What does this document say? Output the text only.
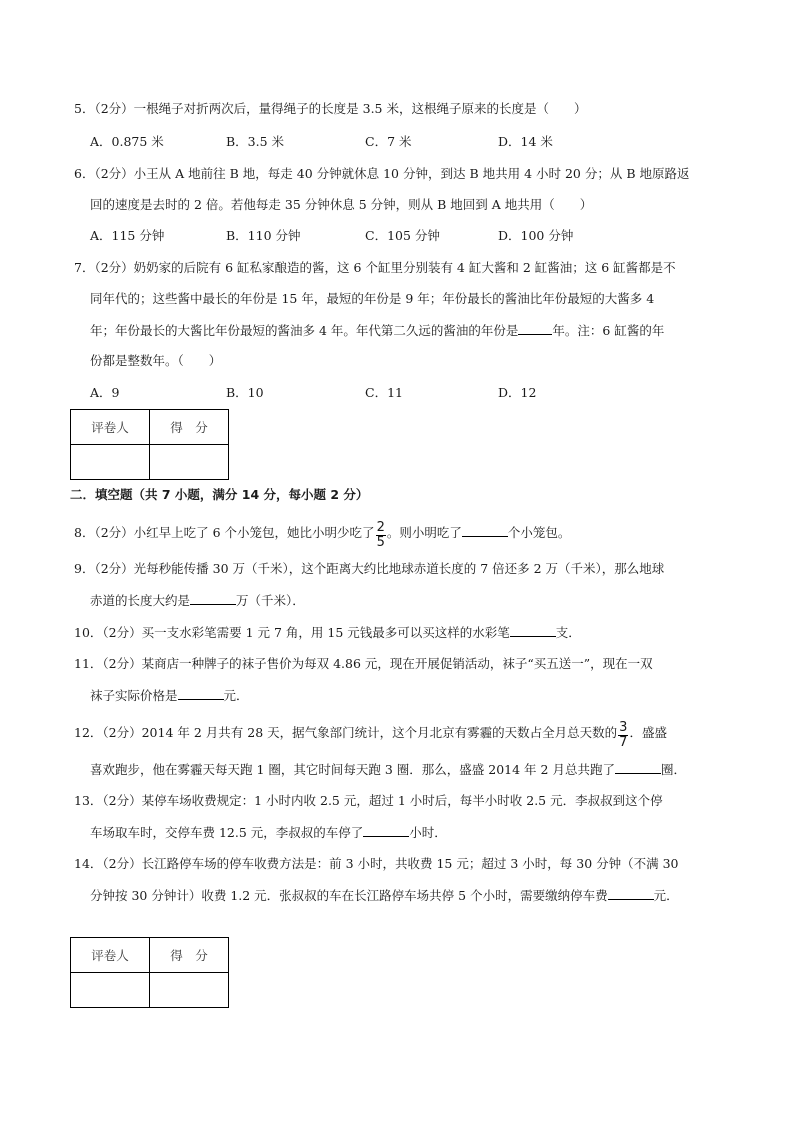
5．（2分）一根绳子对折两次后，量得绳子的长度是 3.5 米，这根绳子原来的长度是（　　）
A．0.875 米	B．3.5 米	C．7 米	D．14 米
6．（2分）小王从 A 地前往 B 地，每走 40 分钟就休息 10 分钟，到达 B 地共用 4 小时 20 分；从 B 地原路返
回的速度是去时的 2 倍。若他每走 35 分钟休息 5 分钟，则从 B 地回到 A 地共用（　　）
A．115 分钟	B．110 分钟	C．105 分钟	D．100 分钟
7．（2分）奶奶家的后院有 6 缸私家酿造的酱，这 6 个缸里分别装有 4 缸大酱和 2 缸酱油；这 6 缸酱都是不
同年代的；这些酱中最长的年份是 15 年，最短的年份是 9 年；年份最长的酱油比年份最短的大酱多 4
年；年份最长的大酱比年份最短的酱油多 4 年。年代第二久远的酱油的年份是	年。注：6 缸酱的年
份都是整数年。（　　）
A．9	B．10	C．11	D．12
评卷人	得　分

二．填空题（共 7 小题，满分 14 分，每小题 2 分）
8．（2分）小红早上吃了 6 个小笼包，她比小明少吃了 $\frac{2}{5}$ 。则小明吃了	个小笼包。
9．（2分）光每秒能传播 30 万（千米），这个距离大约比地球赤道长度的 7 倍还多 2 万（千米），那么地球
赤道的长度大约是	万（千米）．
10．（2分）买一支水彩笔需要 1 元 7 角，用 15 元钱最多可以买这样的水彩笔	支．
11．（2分）某商店一种牌子的袜子售价为每双 4.86 元，现在开展促销活动，袜子“买五送一”，现在一双
袜子实际价格是	元．
12．（2分）2014 年 2 月共有 28 天，据气象部门统计，这个月北京有雾霾的天数占全月总天数的 $\frac{3}{7}$ ．盛盛
喜欢跑步，他在雾霾天每天跑 1 圈，其它时间每天跑 3 圈．那么，盛盛 2014 年 2 月总共跑了	圈．
13．（2分）某停车场收费规定：1 小时内收 2.5 元，超过 1 小时后，每半小时收 2.5 元．李叔叔到这个停
车场取车时，交停车费 12.5 元，李叔叔的车停了	小时．
14．（2分）长江路停车场的停车收费方法是：前 3 小时，共收费 15 元；超过 3 小时，每 30 分钟（不满 30
分钟按 30 分钟计）收费 1.2 元．张叔叔的车在长江路停车场共停 5 个小时，需要缴纳停车费	元．
评卷人	得　分
